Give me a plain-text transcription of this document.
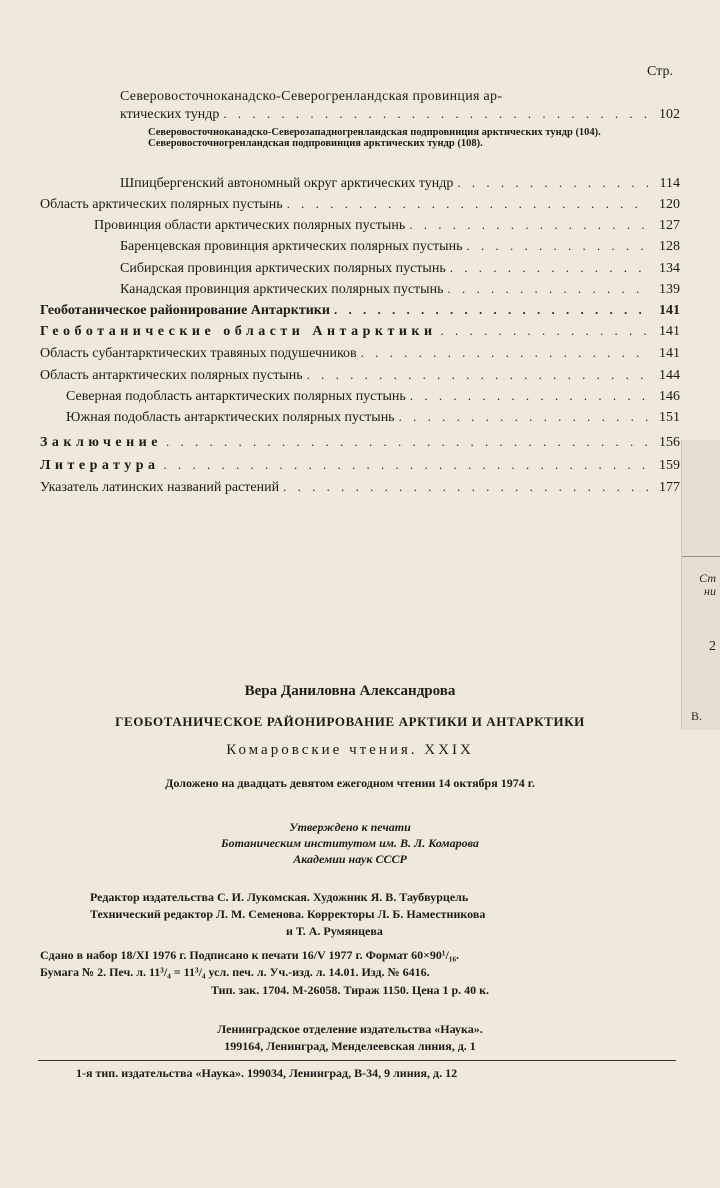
Ст
ни
2
В.
Стр.
Северовосточноканадско-Северогренландская провинция ар-
ктических тундр . . .	102
Северовосточноканадско-Северозападногренландская подпровинция арктических тундр (104). Северовосточногренландская подпровинция арктических тундр (108).
Шпицбергенский автономный округ арктических тундр . . .	114
Область арктических полярных пустынь . . .	120
Провинция области арктических полярных пустынь . . .	127
Баренцевская провинция арктических полярных пустынь . . .	128
Сибирская провинция арктических полярных пустынь . . .	134
Канадская провинция арктических полярных пустынь . . .	139
Геоботаническое районирование Антарктики . . .	141
Геоботанические области Антарктики . . .	141
Область субантарктических травяных подушечников . . .	141
Область антарктических полярных пустынь . . .	144
Северная подобласть антарктических полярных пустынь . . .	146
Южная подобласть антарктических полярных пустынь . . .	151
Заключение . . .	156
Литература . . .	159
Указатель латинских названий растений . . .	177
Вера Даниловна Александрова
ГЕОБОТАНИЧЕСКОЕ РАЙОНИРОВАНИЕ АРКТИКИ И АНТАРКТИКИ
Комаровские чтения. XXIX
Доложено на двадцать девятом ежегодном чтении 14 октября 1974 г.
Утверждено к печати
Ботаническим институтом им. В. Л. Комарова
Академии наук СССР
Редактор издательства С. И. Лукомская. Художник Я. В. Таубвурцель
Технический редактор Л. М. Семенова. Корректоры Л. Б. Наместникова
и Т. А. Румянцева
Сдано в набор 18/XI 1976 г. Подписано к печати 16/V 1977 г. Формат 60×90¹/₁₆.
Бумага № 2. Печ. л. 11³/₄ = 11³/₄ усл. печ. л. Уч.-изд. л. 14.01. Изд. № 6416.
Тип. зак. 1704. М-26058. Тираж 1150. Цена 1 р. 40 к.
Ленинградское отделение издательства «Наука».
199164, Ленинград, Менделеевская линия, д. 1
1-я тип. издательства «Наука». 199034, Ленинград, В-34, 9 линия, д. 12
